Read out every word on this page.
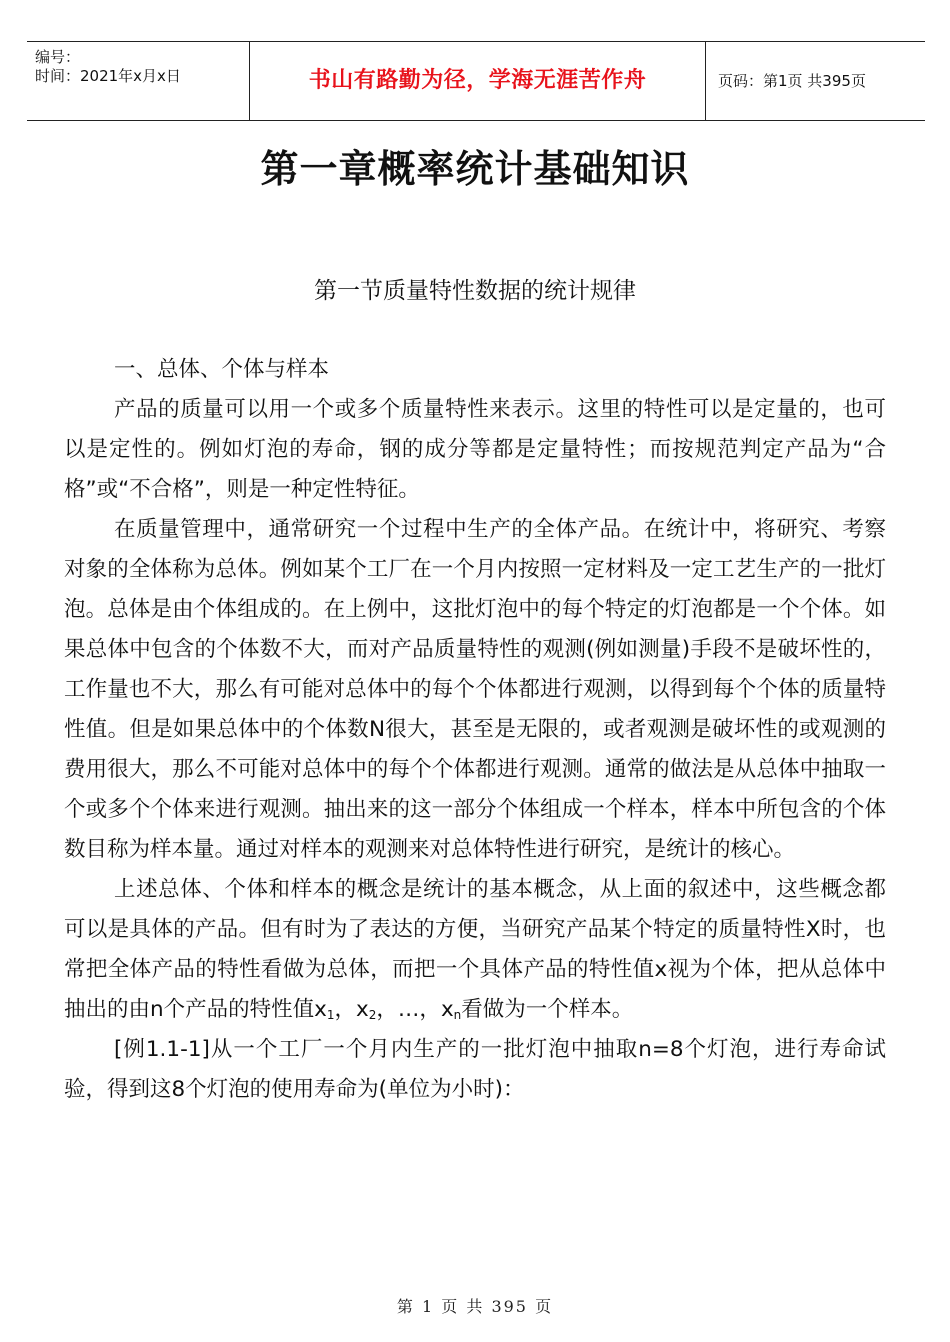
编号：
时间：2021年x月x日	书山有路勤为径，学海无涯苦作舟	页码：第1页 共395页
第一章概率统计基础知识
第一节质量特性数据的统计规律

一、总体、个体与样本

产品的质量可以用一个或多个质量特性来表示。这里的特性可以是定量的，也可以是定性的。例如灯泡的寿命，钢的成分等都是定量特性；而按规范判定产品为“合格”或“不合格”，则是一种定性特征。

在质量管理中，通常研究一个过程中生产的全体产品。在统计中，将研究、考察对象的全体称为总体。例如某个工厂在一个月内按照一定材料及一定工艺生产的一批灯泡。总体是由个体组成的。在上例中，这批灯泡中的每个特定的灯泡都是一个个体。如果总体中包含的个体数不大，而对产品质量特性的观测(例如测量)手段不是破坏性的，工作量也不大，那么有可能对总体中的每个个体都进行观测，以得到每个个体的质量特性值。但是如果总体中的个体数N很大，甚至是无限的，或者观测是破坏性的或观测的费用很大，那么不可能对总体中的每个个体都进行观测。通常的做法是从总体中抽取一个或多个个体来进行观测。抽出来的这一部分个体组成一个样本，样本中所包含的个体数目称为样本量。通过对样本的观测来对总体特性进行研究，是统计的核心。

上述总体、个体和样本的概念是统计的基本概念，从上面的叙述中，这些概念都可以是具体的产品。但有时为了表达的方便，当研究产品某个特定的质量特性X时，也常把全体产品的特性看做为总体，而把一个具体产品的特性值x视为个体，把从总体中抽出的由n个产品的特性值$x_1$，$x_2$，…，$x_n$看做为一个样本。

[例1.1-1]从一个工厂一个月内生产的一批灯泡中抽取n=8个灯泡，进行寿命试验，得到这8个灯泡的使用寿命为(单位为小时)：

第 1 页 共 395 页
